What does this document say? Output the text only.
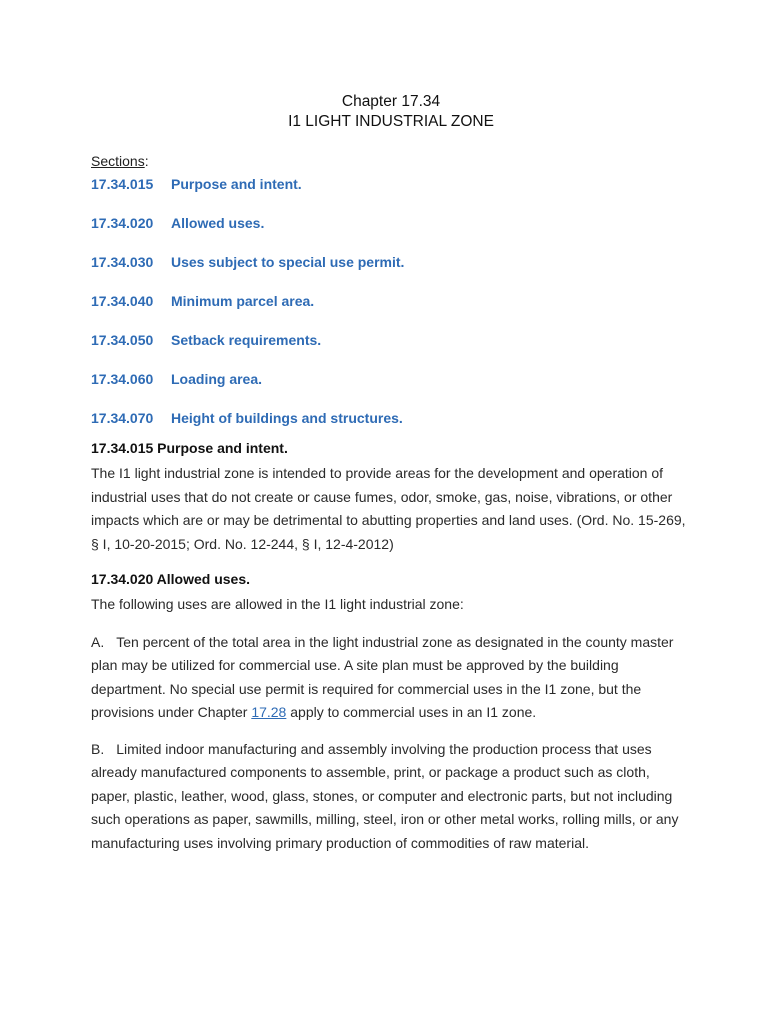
Chapter 17.34
I1 LIGHT INDUSTRIAL ZONE
Sections:
17.34.015	Purpose and intent.
17.34.020	Allowed uses.
17.34.030	Uses subject to special use permit.
17.34.040	Minimum parcel area.
17.34.050	Setback requirements.
17.34.060	Loading area.
17.34.070	Height of buildings and structures.
17.34.015 Purpose and intent.

The I1 light industrial zone is intended to provide areas for the development and operation of industrial uses that do not create or cause fumes, odor, smoke, gas, noise, vibrations, or other impacts which are or may be detrimental to abutting properties and land uses. (Ord. No. 15-269, § I, 10-20-2015; Ord. No. 12-244, § I, 12-4-2012)

17.34.020 Allowed uses.

The following uses are allowed in the I1 light industrial zone:

A. Ten percent of the total area in the light industrial zone as designated in the county master plan may be utilized for commercial use. A site plan must be approved by the building department. No special use permit is required for commercial uses in the I1 zone, but the provisions under Chapter 17.28 apply to commercial uses in an I1 zone.

B. Limited indoor manufacturing and assembly involving the production process that uses already manufactured components to assemble, print, or package a product such as cloth, paper, plastic, leather, wood, glass, stones, or computer and electronic parts, but not including such operations as paper, sawmills, milling, steel, iron or other metal works, rolling mills, or any manufacturing uses involving primary production of commodities of raw material.
